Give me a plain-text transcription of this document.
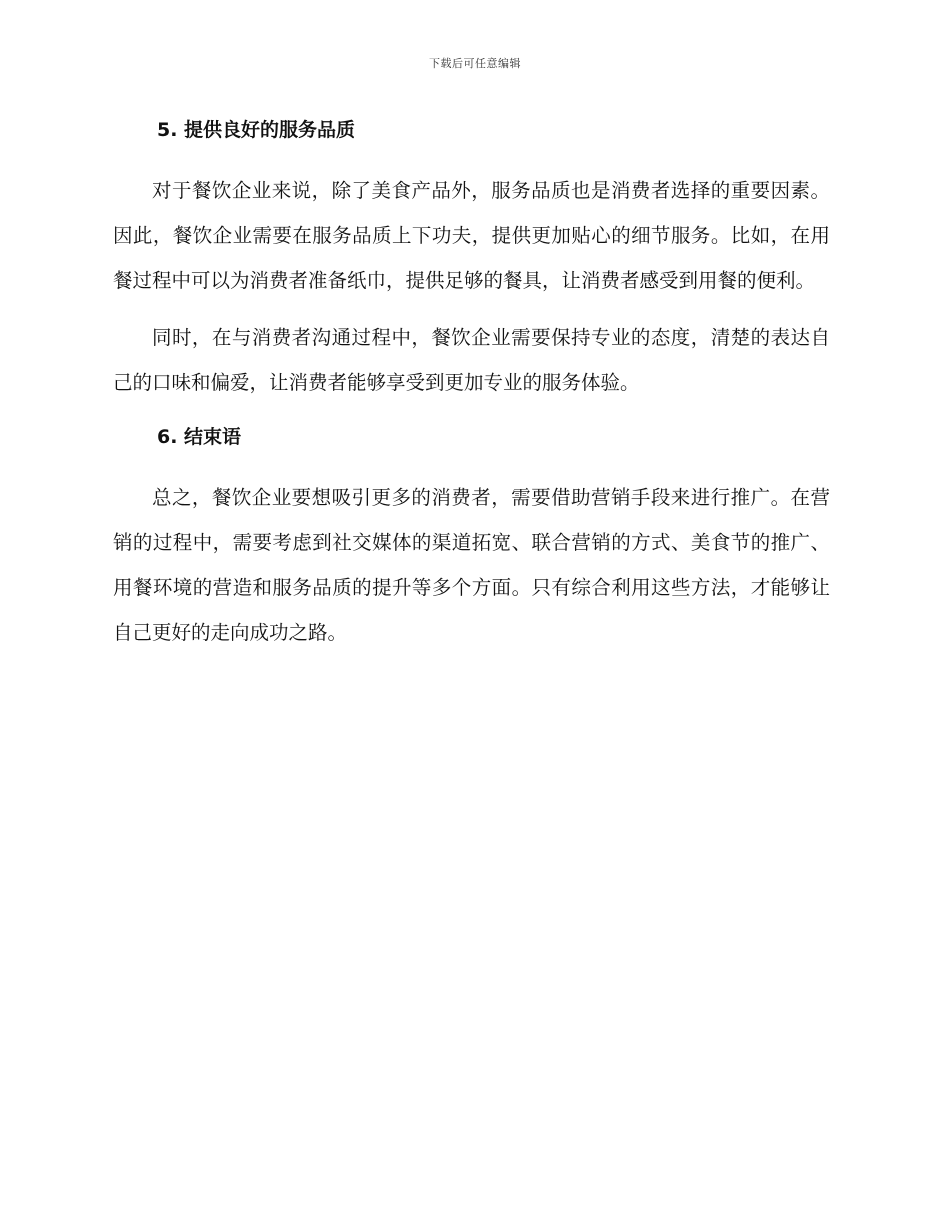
下载后可任意编辑
5. 提供良好的服务品质

对于餐饮企业来说，除了美食产品外，服务品质也是消费者选择的重要因素。因此，餐饮企业需要在服务品质上下功夫，提供更加贴心的细节服务。比如，在用餐过程中可以为消费者准备纸巾，提供足够的餐具，让消费者感受到用餐的便利。

同时，在与消费者沟通过程中，餐饮企业需要保持专业的态度，清楚的表达自己的口味和偏爱，让消费者能够享受到更加专业的服务体验。

6. 结束语

总之，餐饮企业要想吸引更多的消费者，需要借助营销手段来进行推广。在营销的过程中，需要考虑到社交媒体的渠道拓宽、联合营销的方式、美食节的推广、用餐环境的营造和服务品质的提升等多个方面。只有综合利用这些方法，才能够让自己更好的走向成功之路。
